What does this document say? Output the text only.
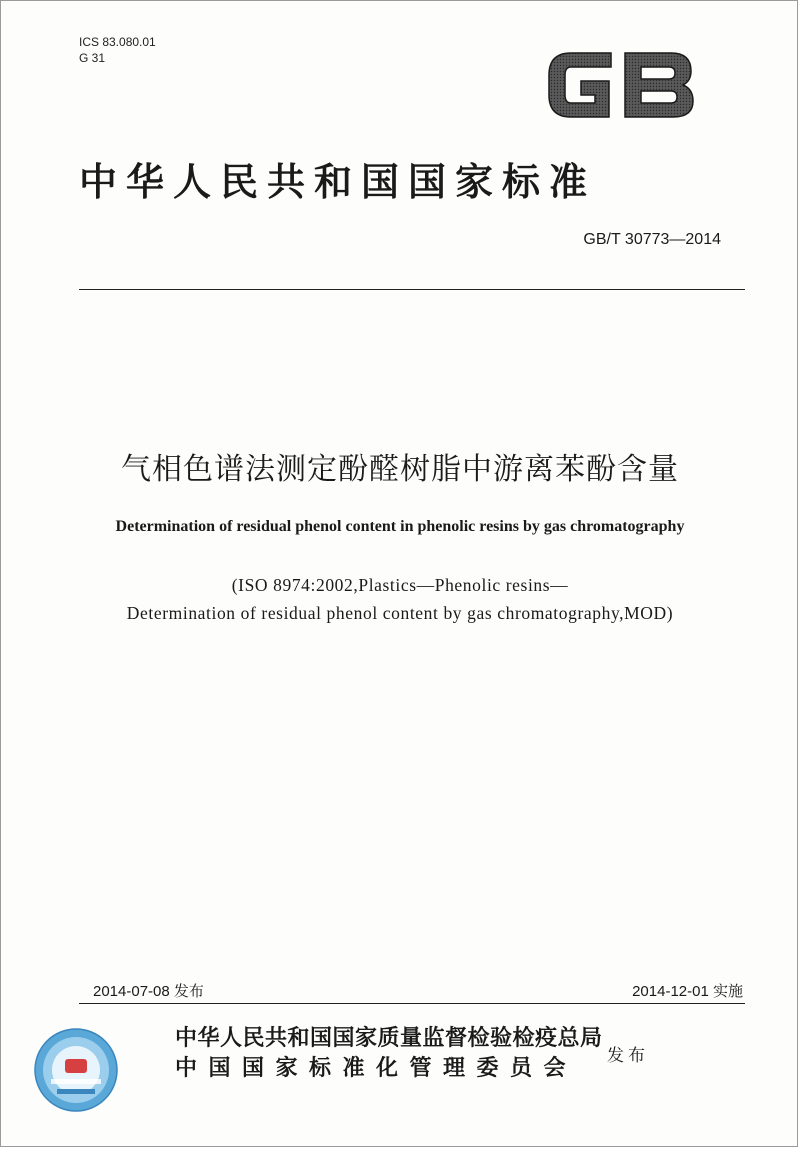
ICS 83.080.01
G 31
中华人民共和国国家标准
GB/T 30773—2014
气相色谱法测定酚醛树脂中游离苯酚含量
Determination of residual phenol content in phenolic resins by gas chromatography
(ISO 8974:2002,Plastics—Phenolic resins—
Determination of residual phenol content by gas chromatography,MOD)
2014-07-08 发布	2014-12-01 实施
中华人民共和国国家质量监督检验检疫总局
中国国家标准化管理委员会	发布
